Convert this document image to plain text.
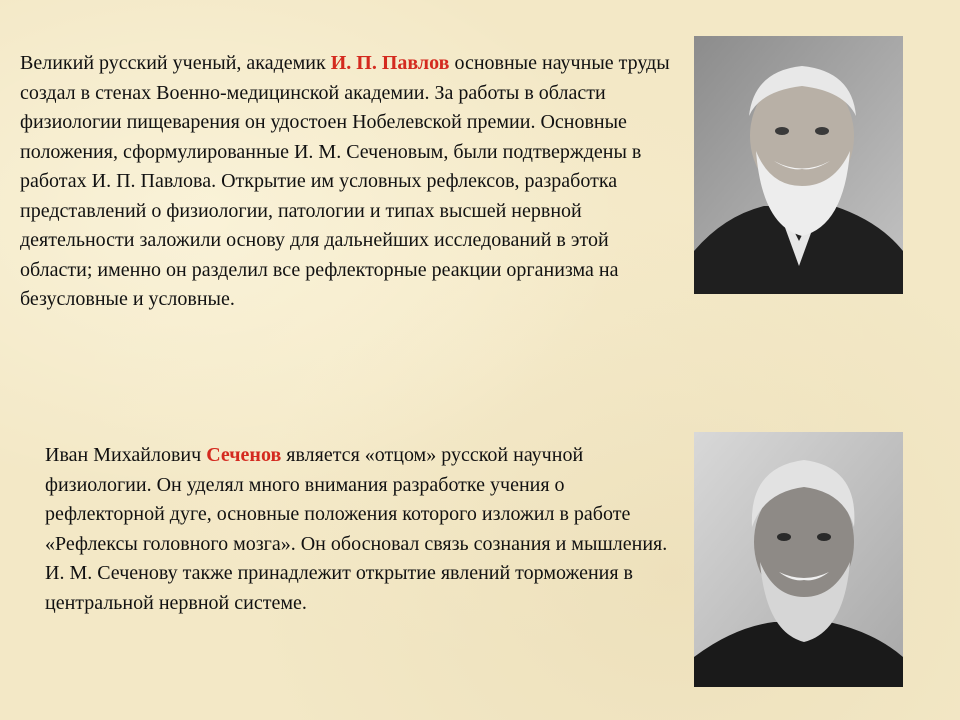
Великий русский ученый, академик И. П. Павлов основные научные труды создал в стенах Военно-медицинской академии. За работы в области физиологии пищеварения он удостоен Нобелевской премии. Основные положения, сформулированные И. М. Сеченовым, были подтверждены в работах И. П. Павлова. Открытие им условных рефлексов, разработка представлений о физиологии, патологии и типах высшей нервной деятельности заложили основу для дальнейших исследований в этой области; именно он разделил все рефлекторные реакции организма на безусловные и условные.

Иван Михайлович Сеченов является «отцом» русской научной физиологии. Он уделял много внимания разработке учения о рефлекторной дуге, основные положения которого изложил в работе «Рефлексы головного мозга». Он обосновал связь сознания и мышления. И. М. Сеченову также принадлежит открытие явлений торможения в центральной нервной системе.
